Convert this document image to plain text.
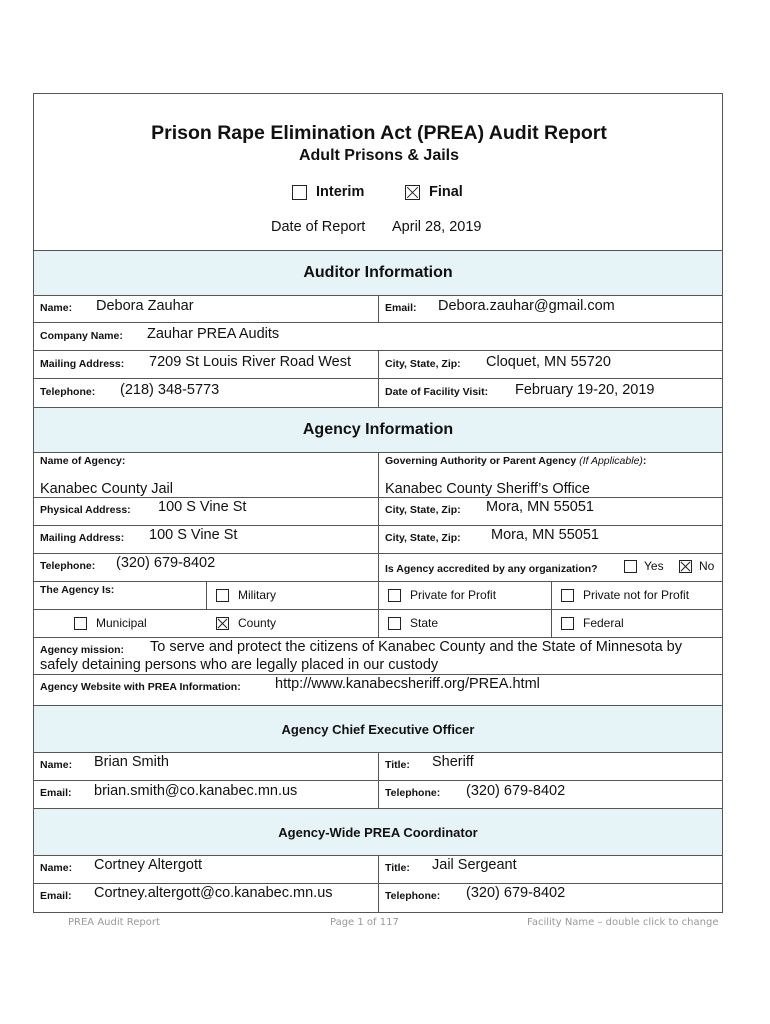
Prison Rape Elimination Act (PREA) Audit Report
Adult Prisons & Jails
Interim	Final
Date of Report April 28, 2019
Auditor Information
Name: Debora Zauhar	Email: Debora.zauhar@gmail.com
Company Name: Zauhar PREA Audits
Mailing Address: 7209 St Louis River Road West	City, State, Zip: Cloquet, MN 55720
Telephone: (218) 348-5773	Date of Facility Visit: February 19-20, 2019
Agency Information
Name of Agency:
Kanabec County Jail
Governing Authority or Parent Agency (If Applicable):
Kanabec County Sheriff’s Office
Physical Address: 100 S Vine St	City, State, Zip: Mora, MN 55051
Mailing Address: 100 S Vine St	City, State, Zip: Mora, MN 55051
Telephone: (320) 679-8402	Is Agency accredited by any organization?	Yes	No
The Agency Is:	Military	Private for Profit	Private not for Profit
Municipal	County	State	Federal
Agency mission: To serve and protect the citizens of Kanabec County and the State of Minnesota by
safely detaining persons who are legally placed in our custody
Agency Website with PREA Information: http://www.kanabecsheriff.org/PREA.html
Agency Chief Executive Officer
Name: Brian Smith	Title: Sheriff
Email: brian.smith@co.kanabec.mn.us	Telephone: (320) 679-8402
Agency-Wide PREA Coordinator
Name: Cortney Altergott	Title: Jail Sergeant
Email: Cortney.altergott@co.kanabec.mn.us	Telephone: (320) 679-8402
PREA Audit Report	Page 1 of 117	Facility Name – double click to change
